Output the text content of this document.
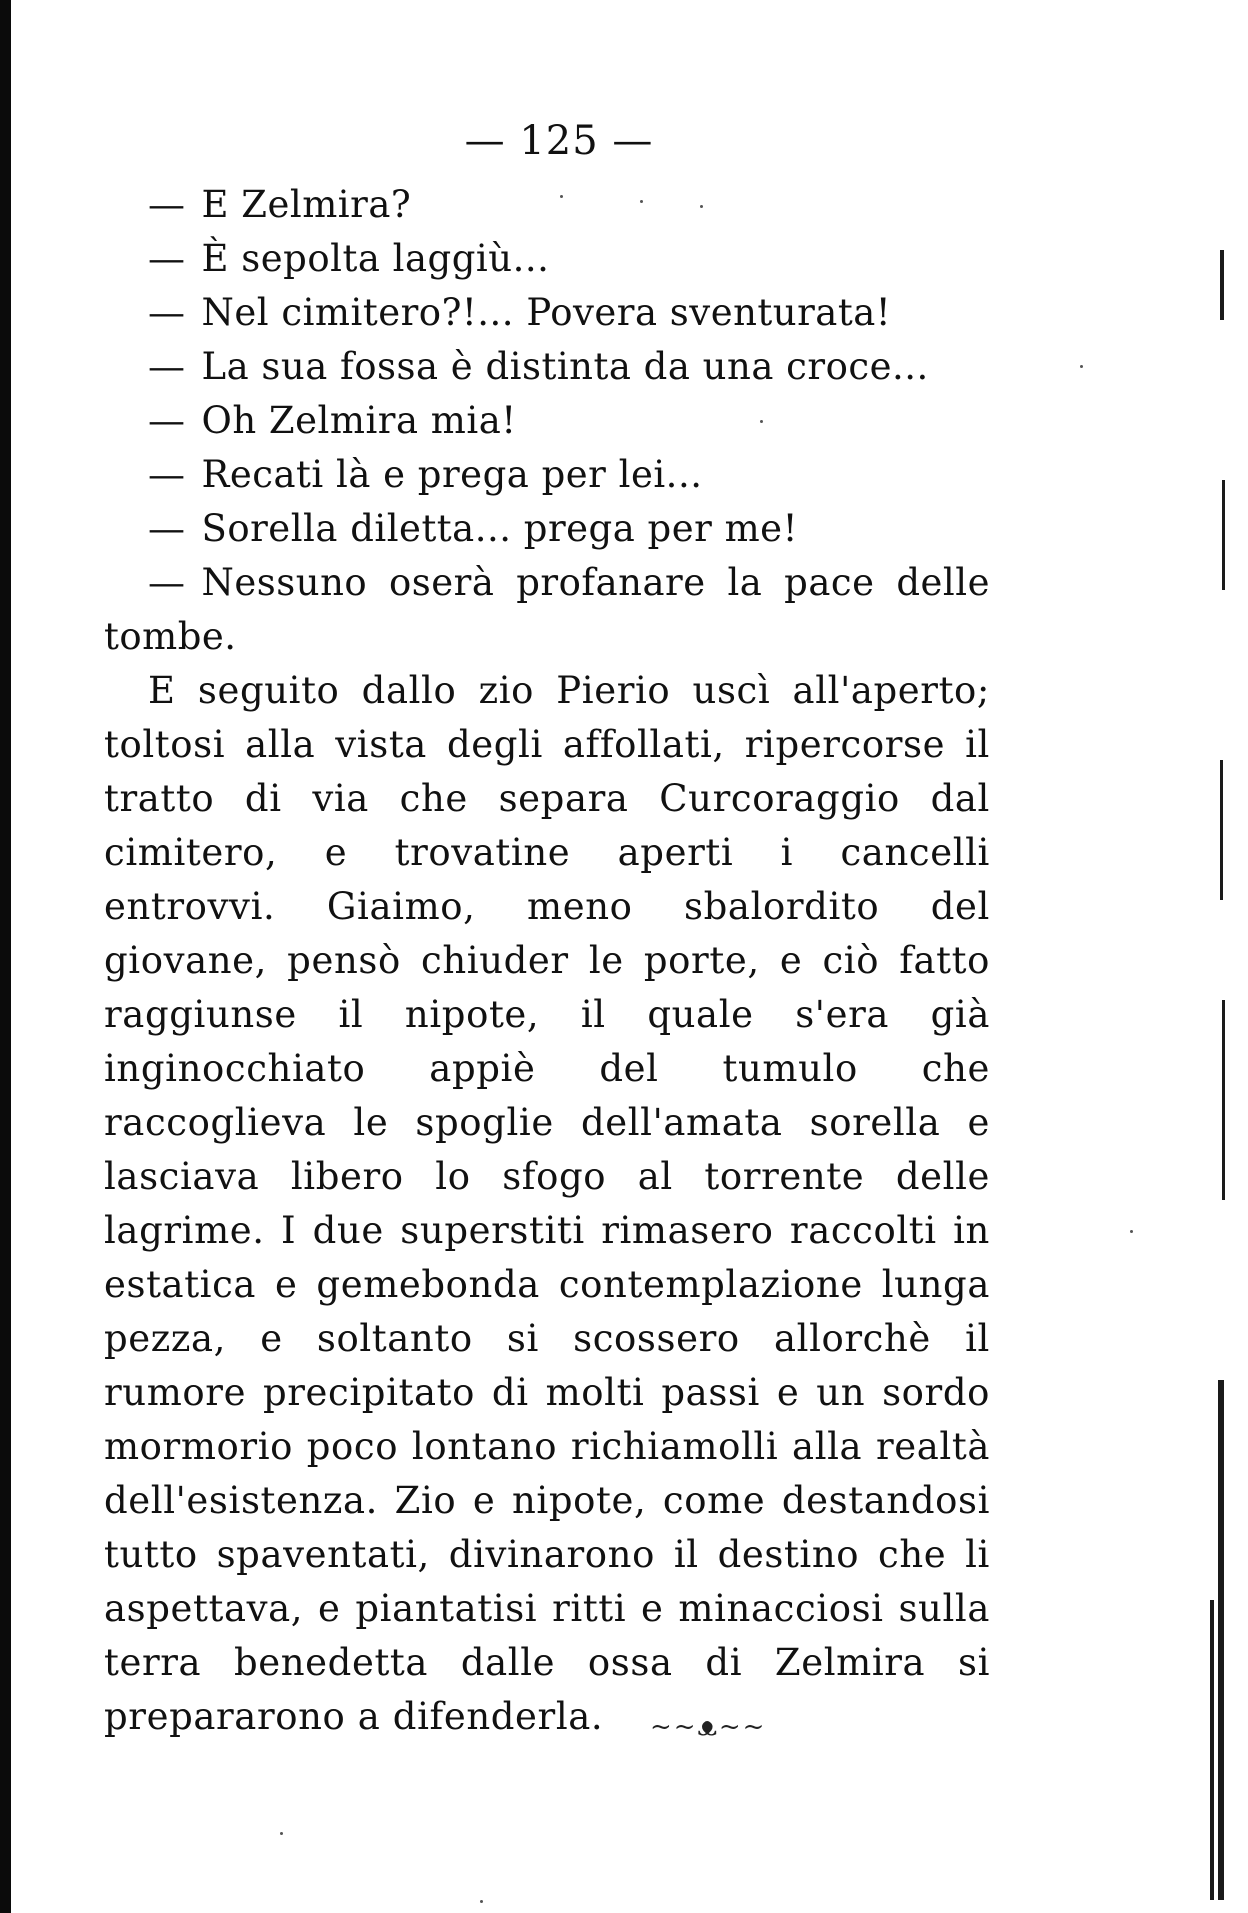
— 125 —

— E Zelmira?

— È sepolta laggiù...

— Nel cimitero?!... Povera sventurata!

— La sua fossa è distinta da una croce...

— Oh Zelmira mia!

— Recati là e prega per lei...

— Sorella diletta... prega per me!

— Nessuno oserà profanare la pace delle
tombe.

E seguito dallo zio Pierio uscì all'aperto; toltosi alla vista degli affollati, ripercorse il tratto di via che separa Curcoraggio dal cimitero, e trovatine aperti i cancelli entrovvi. Giaimo, meno sbalordito del giovane, pensò chiuder le porte, e ciò fatto raggiunse il nipote, il quale s'era già inginocchiato appiè del tumulo che raccoglieva le spoglie dell'amata sorella e lasciava libero lo sfogo al torrente delle lagrime. I due superstiti rimasero raccolti in estatica e gemebonda contemplazione lunga pezza, e soltanto si scossero allorchè il rumore precipitato di molti passi e un sordo mormorio poco lontano richiamolli alla realtà dell'esistenza. Zio e nipote, come destandosi tutto spaventati, divinarono il destino che li aspettava, e piantatisi ritti e minacciosi sulla terra benedetta dalle ossa di Zelmira si prepararono a difenderla.	~~ᴥ~~
